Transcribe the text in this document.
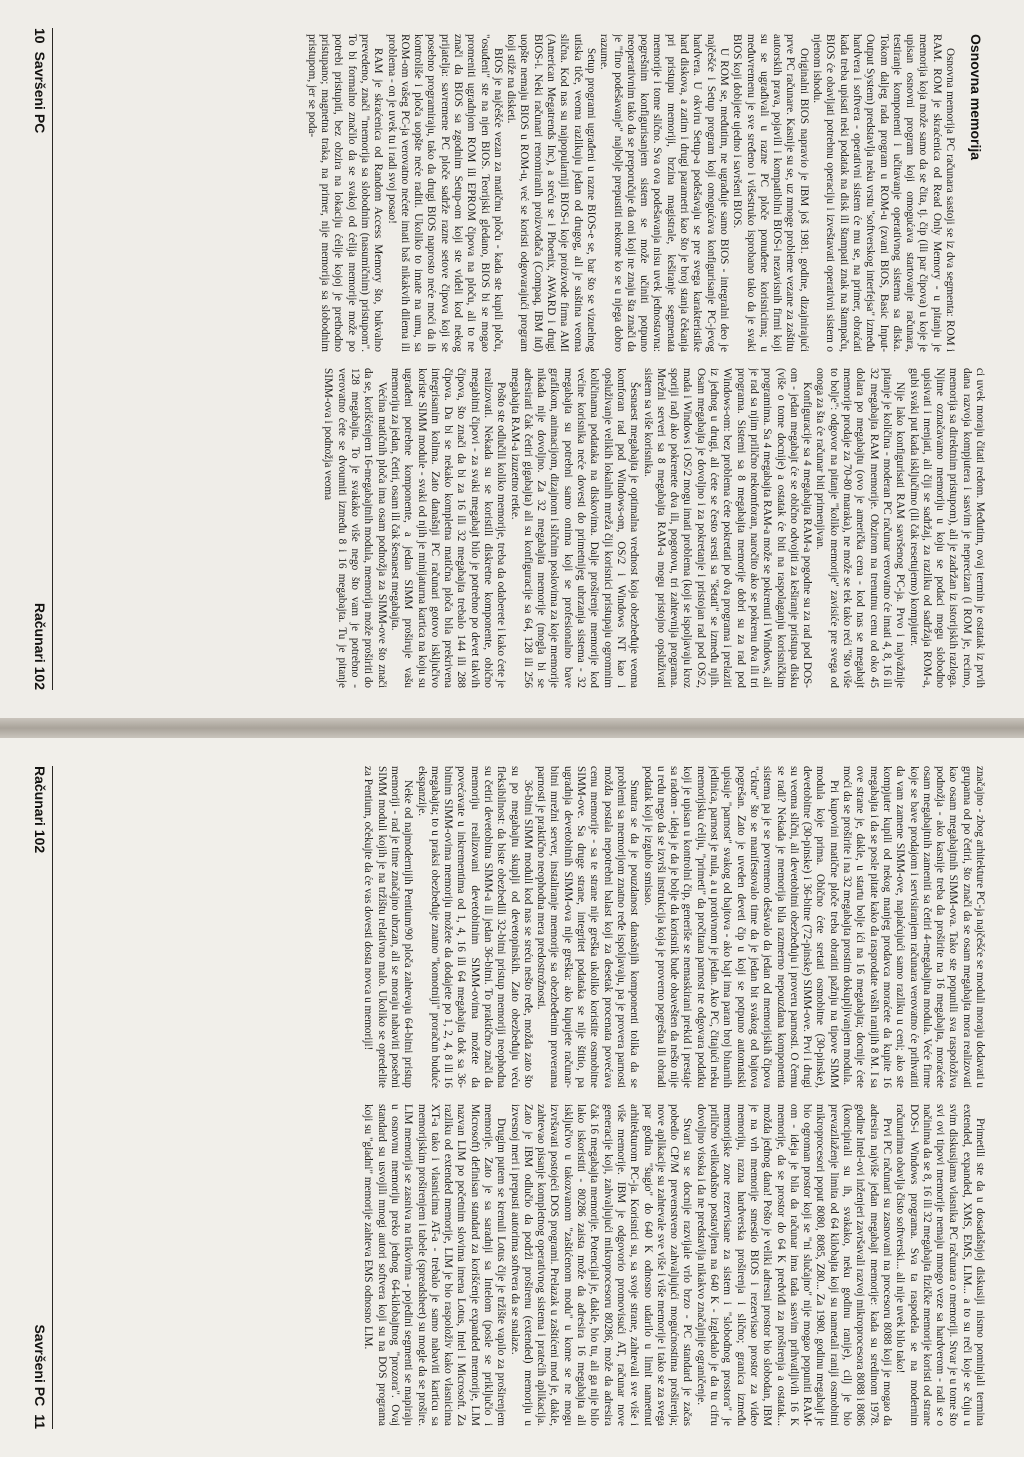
Osnovna memorija

Osnovna memorija PC računara sastoji se iz dva segmenta: ROM i RAM. ROM je skraćenica od Read Only Memory - u pitanju je memorija koja može samo da se čita, tj. čip (ili par čipova) u koje je upisan osnovni program koji omogućava startovanje računara, testiranje komponenti i učitavanje operativnog sistema sa diska. Tokom daljeg rada program u ROM-u (zvani BIOS, Basic Input-Output System) predstavlja neku vrstu "softverskog interfejsa" između hardvera i softvera - operativni sistem će mu se, na primer, obraćati kada treba upisati neki podatak na disk ili štampati znak na štampaču, BIOS će obavljati potrebnu operaciju i izveštavati operativni sistem o njenom ishodu.

Originalni BIOS napravio je IBM još 1981. godine, dizajnirajući prve PC računare. Kasnije su se, uz mnoge probleme vezane za zaštitu autorskih prava, pojavili i kompatibilni BIOS-i nezavisnih firmi koji su se ugrađivali u razne PC ploče ponuđene korisnicima; u međuvremenu je sve sređeno i višestruko isprobano tako da je svaki BIOS koji dobijete ujedno i savršeni BIOS.

U ROM se, međutim, ne ugrađuje samo BIOS - integralni deo je najčešće i Setup program koji omogućava konfigurisanje PC-jevog hardvera. U okviru Setup-a podešavaju se pre svega karakteristike hard diskova, a zatim i drugi parametri kao što je broj stanja čekanja pri pristupu memoriji, brzina magistrale, keširanje segmenata memorije i tome slično. Sva ova podešavanja nisu uvek jednostavna: pogrešnim konfigurisanjem sistem se može učiniti potpuno neoperativnim tako da se preporučuje da oni koji ne znaju šta znači da je "fino podešavanje" najbolje prepustiti nekome ko se u njega dobro razume.

Setup programi ugrađeni u razne BIOS-e se, bar što se vizuelnog utiska tiče, veoma razlikuju jedan od drugog, ali je suština veoma slična. Kod nas su najpopularniji BIOS-i koje proizvode firma AMI (American Megatrends Inc), a sreću se i Phoenix, AWARD i drugi BIOS-i. Neki računari renomiranih proizvođača (Compaq, IBM itd) uopšte nemaju BIOS u ROM-u, već se koristi odgovarajući program koji stiže na disketi.

BIOS je najčešće vezan za matičnu ploču - kada ste kupili ploču, "osuđeni" ste na njen BIOS. Teorijski gledano, BIOS bi se mogao promeniti ugradnjom ROM ili EPROM čipova na ploču, ali to ne znači da BIOS sa zgodnim Setup-om koji ste videli kod nekog prijatelja: savremene PC ploče sadrže razne setove čipova koji se posebno programiraju, tako da drugi BIOS naprosto neće moći da ih kontroliše i ploča uopšte neće raditi. Ukoliko to imate na umu, sa ROM-om vašeg PC-ja verovatno nećete imati baš nikakvih dilema ili problema - on je uvek tu i radi svoj posao!

RAM je skraćenica od Random Access Memory što, bukvalno prevedeno, znači "memorija sa slobodnim (nasumičnim) pristupom". To bi formalno značilo da se svakoj od ćelija memorije može po potrebi pristupiti, bez obzira na lokaciju ćelije kojoj je prethodno pristupano; magnetna traka, na primer, nije memorija sa slobodnim pristupom, jer se poda-

ci uvek moraju čitati redom. Međutim, ovaj termin je ostatak iz prvih dana razvoja kompjutera i sasvim je neprecizan (i ROM je, recimo, memorija sa direktnim pristupom), ali je zadržan iz istorijskih razloga. Njime označavamo memoriju u koju se podaci mogu slobodno upisivati i menjati, ali čiji se sadržaj, za razliku od sadržaja ROM-a, gubi svaki put kada isključimo (ili čak resetujemo) kompjuter.

Nije lako konfigurisati RAM savršenog PC-ja. Prvo i najvažnije pitanje je količina - moderan PC računar verovatno će imati 4, 8, 16 ili 32 megabajta RAM memorije. Obzirom na trenutnu cenu od oko 45 dolara po megabajtu (ovo je američka cena - kod nas se megabajt memorije prodaje za 70-80 maraka), ne može se tek tako reći "što više to bolje": odgovor na pitanje "koliko memorije" zavisiće pre svega od onoga za šta će računar biti primenjivan.

Konfiguracije sa 4 megabajta RAM-a pogodne su za rad pod DOS-om - jedan megabajt će se obično odvojiti za keširanje pristupa disku (više o tome docnije) a ostatak će biti na raspolaganju korisničkim programima. Sa 4 megabajta RAM-a može se pokrenuti i Windows, ali je rad sa njim prilično nekomforan, naročito ako se pokrenu dva ili tri programa. Sistemi sa 8 megabajta memorije dobri su za rad pod Windows-om: bez problema ćete pokretati po dva programa i prelaziti iz jednog u drugi, ali ćete se često sresti sa "šetati" se između njih. Osam megabajta je dovoljno i za pokretanje i pristojan rad pod OS/2, mada i Windows i OS/2 mogu imati problema (koji se ispoljavaju kroz sporiji rad) ako pokrenete dva ili, pogotovu, tri zahtevnija programa. Mrežni serveri sa 8 megabajta RAM-a mogu pristojno opsluživati sistem sa više korisnika.

Šesnaest megabajta je optimalna vrednost koja obezbeđuje veoma komforan rad pod Windows-om, OS/2 i Windows NT kao i opsluživanje velikih lokalnih mreža čiji korisnici pristupaju ogromnim količinama podataka na diskovima. Dalje proširenje memorije kod većine korisnika neće dovesti do primetnijeg ubrzanja sistema - 32 megabajta su potrebni samo onima koji se profesionalno bave grafikom, animacijom, dizajnom i sličnim poslovima za koje memorije nikada nije dovoljno. Za 32 megabajta memorije (mogla bi se adresirati čak četiri gigabajta) ali su konfiguracije sa 64, 128 ili 256 megabajta RAM-a izuzetno retke.

Pošto ste odlučili koliko memorije, treba da odaberete i kako ćete je realizovati. Nekada su se koristili diskretne komponente, obično megabitni čipovi - za svaki megabajt bilo je potrebno po devet takvih čipova, što znači da bi za 16 ili 32 megabajta trebalo 144 ili 288 čipova. Da bi se nekako kompletna matična ploča bila prekrivena integrisanim kolima. Zato današnji PC računari gotovo isključivo koriste SIMM module - svaki od njih je minijaturna kartica na koju su ugrađeni potrebne komponente, a jedan SIMM proširuje vašu memoriju za jedan, četiri, osam ili čak šesnaest megabajta.

Većina matičnih ploča ima osam podnožja za SIMM-ove što znači da se, korišćenjem 16-megabajtnih modula, memorija može proširiti do 128 megabajta. To je svakako više nego što vam je potrebno - verovatno ćete se dvoumiti između 8 i 16 megabajta. Tu je pitanje SIMM-ova i podnožja veoma

10Savršeni PC
Računari 102

značajno - zbog arhitekture PC-ja najčešće se moduli moraju dodavati u grupama od po četiri, što znači da se osam megabajta mora realizovati kao osam megabajtnih SIMM-ova. Tako ste popunili sva raspoloživa podnožja - ako kasnije treba da proširite na 16 megabajta, moraćete osam megabajtnih zameniti sa četiri 4-megabajtna modula. Veće firme koje se bave prodajom i servisiranjem računara verovatno će prihvatiti da vam zamene SIMM-ove, naplaćujući samo razliku u ceni; ako ste kompjuter kupili od nekog manjeg prodavca moraćete da kupite 16 megabajta i da se posle pitate kako da rasprodate vaših ranijih 8 M. I sa ove strane je, dakle, u startu bolje ići na 16 megabajta; docnije ćete moći da se proširite i na 32 megabajta prostim dokupljivanjem modula.

Pri kupovini matične ploče treba obratiti pažnju na tipove SIMM modula koje prima. Obično ćete sretati osmobitne (30-pinske), devetobitne (30-pinske) i 36-bitne (72-pinske) SIMM-ove. Prvi i drugi su veoma slični, ali devetobitni obezbeđuju i proveru parnosti. O čemu se radi? Nekada je memorija bila razmerno nepouzdana komponenta sistema pa je se povremeno dešavalo da jedan od memorijskih čipova "crkne" što se manifestovalo time da je jedan bit svakog od bajtova pogrešan. Zato je uveden deveti čip u koji se potpuno automatski upisuje "parnost" svakog od bajtova - ako bajt ima paran broj binarnih jedinica, parnost je nula, a u protivnom je jedan. Ako PC, čitajući neku memorijsku ćeliju, "primeti" da pročitana parnost ne odgovara podatku koji je upisan u kontrolni čip, generiše se nemaskirani prekid i prestaje sa radom - ideja je da je bolje da korisnik bude obavešten da nešto nije u redu nego da se izvrši instrukcija koja je proverno pogrešna ili obradi podatak koji je izgubio smisao.

Smatra se da je pouzdanost današnjih komponenti tolika da se problemi sa memorijom znatno ređe ispoljavaju, pa je provera parnosti možda postala nepotrebni balast koji za desetak procenata povećava cenu memorije - sa te strane nije greška ukoliko koristite osmobitne SIMM-ove. Sa druge strane, integritet podataka se nije štitio, pa ugradnja devetobitnih SIMM-ova nije greška: ako kupujete računar-bitni mrežni server, instaliranje memorije sa obezbeđenim proverama parnosti je praktično neophodna mera predostrožnosti.

36-bitni SIMM moduli kod nas se sreću nešto ređe, možda zato što su po megabajtu skuplji od devetopinskih. Zato obezbeđuju veću fleksibilnost: da biste obezbedili 32-bitni pristup memoriji neophodna su četiri devetobitna SIMM-a ili jedan 36-bitni. To praktično znači da memoriju realizovani devetobitnim SIMM-ovima možete da povećavate u inkrementima od 1, 4, 16 ili 64 megabajta dok sa 36-bitnim SIMM-ovima memoriju možete da dodajete po 1, 2, 4, 8 ili 16 megabajta; to u praksi obezbeđuje znatno "komotniji" proračun buduće ekspanzije.

Neke od najmodernijih Pentium/90 ploča zahtevaju 64-bitni pristup memoriji - rad je time značajno ubrzan, ali se moraju nabaviti posebni SIMM moduli kojih je na tržištu relativno malo. Ukoliko se opredelite za Pentium, očekujte da će vas dovesti dosta novca u memoriji!

Primetili ste da u dosadašnjoj diskusiji nismo pominjali termina extended, expanded, XMS, EMS, LIM... a to su reči koje se čuju u svim diskusijama vlasnika PC računara o memoriji. Stvar je u tome što svi ovi tipovi memorije nemaju mnogo veze sa hardverom - radi se o načinima da se 8, 16 ili 32 megabajta fizičke memorije koristi od strane DOS-i Windows programa. Sva ta raspodela se na modernim računarima obavlja čisto softverski... ali nije uvek bilo tako!

Prvi PC računari su zasnovani na procesoru 8088 koji je mogao da adresira najviše jedan megabajt memorije: kada su sredinom 1978. godine Intel-ovi inženjeri završavali razvoj mikroprocesora 8088 i 8086 (koncipirali su ih, svakako, neku godinu ranije), cilj je bio prevazilaženje limita od 64 kilobajta koji su nametali raniji osmobitni mikroprocesori poput 8080, 8085, Z80... Za 1980. godinu megabajt je bio ogroman prostor koji se "ni slučajno" nije mogao popuniti RAM-om - ideja je bila da računar ima tada sasvim prihvatljivih 16 K memorije, da se prostor do 64 K predviđi za proširenja a ostatak... možda jednog dana! Pošto je veliki adresni prostor bio slobodan, IBM je na vrh memorije smestio BIOS i rezervisao prostor za video memoriju, razna hardverska proširenja i slično; granica između memorijske zone rezervisane za sistem i "slobodnog prostora" je prilično velikodušno postavljena na 640 K - izgledalo je da tu cifru dovoljno visoka i da ne predstavlja nikakvo značajnije ograničenje.

Stvari su se docnije razvijale vrlo brzo - PC standard je začas pobedio CP/M prevenstveno zahvaljujući mogućnostima proširenja; nove aplikacije su zahtevale sve više i više memorije i tako se za svega par godina "šugio" do 640 K odnosno udarilo u limit nametnut arhitekturom PC-ja. Korisnici su, sa svoje strane, zahtevali sve više i više memorije. IBM je odgovorio promovisući AT, računar nove generacije koji, zahvaljujući mikroprocesoru 80286, može da adresira čak 16 megabajta memorije. Potencijal je, dakle, bio tu, ali ga nije bilo lako iskoristiti - 80286 zaista može da adresira 16 megabajta ali isključivo u takozvanom "zaštićenom modu" u kome se ne mogu izvršavati postojeći DOS programi. Prelazak u zaštićeni mod je, dakle, zahtevao pisanje kompletnog operativnog sistema i pratećih aplikacija. Zato je IBM odlučio da podrži proširenu (extended) memoriju u izvesnoj meri i prepusti autorima softvera da se snalaze.

Drugim putem se krenuli Lotus čije je tržište vapilo za proširenjem memorije. Zato je sa saradnji sa Intelom (posle se priključio i Microsoft) definisan standard za korišćenje expanded memorije, LIM nazvan LIM po početnim slovima imena Lotus, Intel i Microsoft. Za razliku od extended memorije, LIM je bio raspoloživ kako vlasnicima XT-a tako i vlasnicima AT-a - trebalo je samo nabaviti karticu sa memorijskim proširenjem i tabele (spreadsheet) su mogle da se prošire. LIM memorija se zasniva na trikovima - pojedini segmenti se mapiraju u osnovnu memoriju preko jednog 64-kilobajtnog "prozora". Ovaj standard su usvojili mnogi autori softvera koji su na DOS programa koji su "gladni" memorije zahteva EMS odnosno LIM.

Računari 102
Savršeni PC11
